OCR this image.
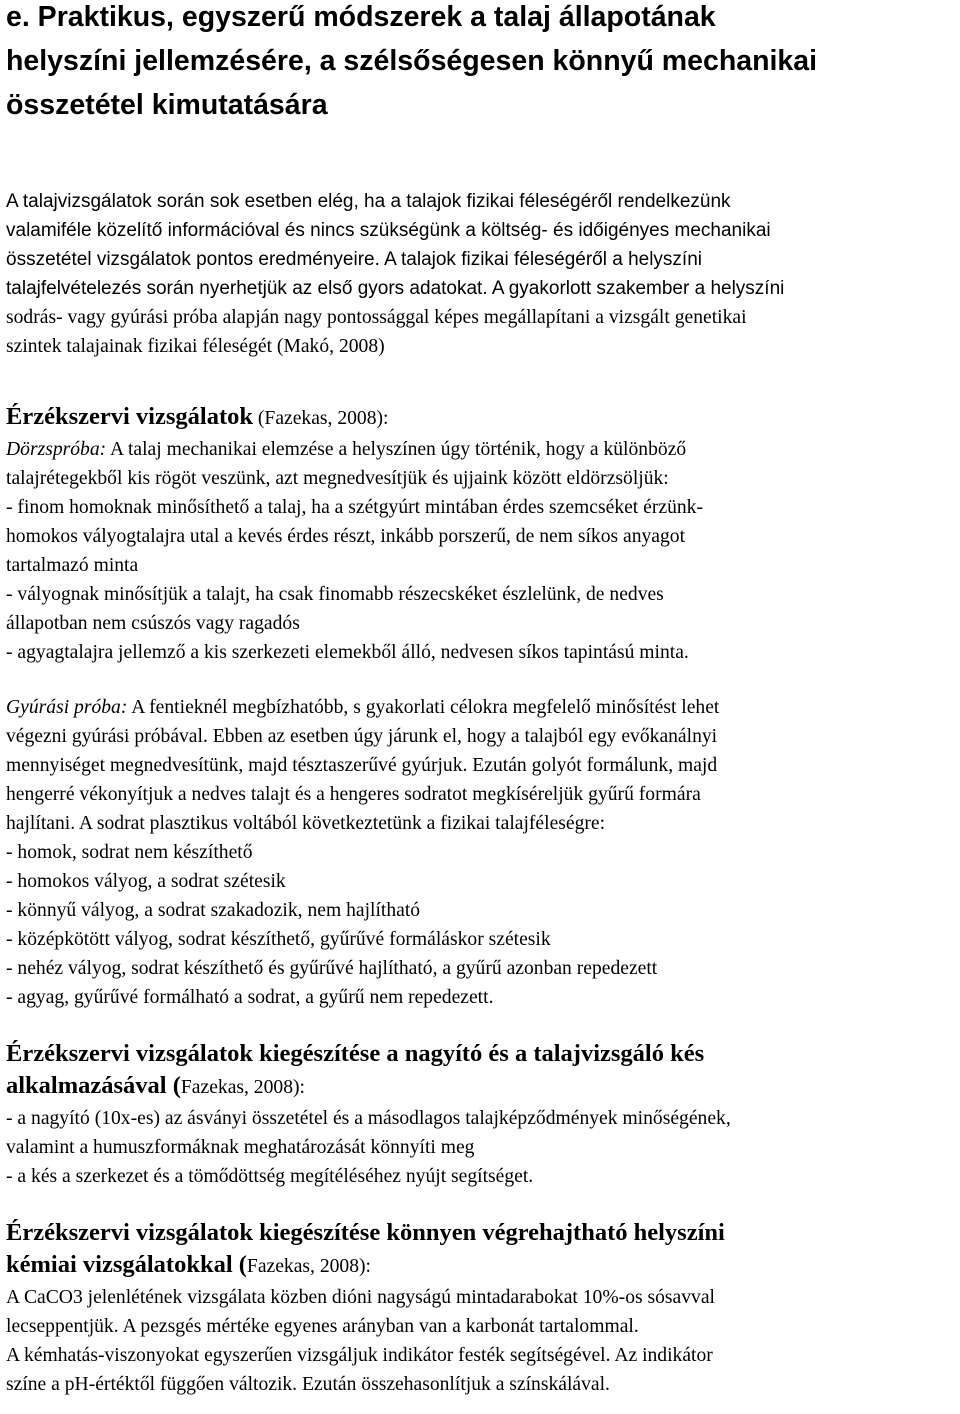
e. Praktikus, egyszerű módszerek a talaj állapotának
helyszíni jellemzésére, a szélsőségesen könnyű mechanikai
összetétel kimutatására
A talajvizsgálatok során sok esetben elég, ha a talajok fizikai féleségéről rendelkezünk
valamiféle közelítő információval és nincs szükségünk a költség- és időigényes mechanikai
összetétel vizsgálatok pontos eredményeire. A talajok fizikai féleségéről a helyszíni
talajfelvételezés során nyerhetjük az első gyors adatokat. A gyakorlott szakember a helyszíni
sodrás- vagy gyúrási próba alapján nagy pontossággal képes megállapítani a vizsgált genetikai
szintek talajainak fizikai féleségét (Makó, 2008)
Érzékszervi vizsgálatok (Fazekas, 2008):
Dörzspróba: A talaj mechanikai elemzése a helyszínen úgy történik, hogy a különböző
talajrétegekből kis rögöt veszünk, azt megnedvesítjük és ujjaink között eldörzsöljük:
- finom homoknak minősíthető a talaj, ha a szétgyúrt mintában érdes szemcséket érzünk-
homokos vályogtalajra utal a kevés érdes részt, inkább porszerű, de nem síkos anyagot
tartalmazó minta
- vályognak minősítjük a talajt, ha csak finomabb részecskéket észlelünk, de nedves
állapotban nem csúszós vagy ragadós
- agyagtalajra jellemző a kis szerkezeti elemekből álló, nedvesen síkos tapintású minta.
Gyúrási próba: A fentieknél megbízhatóbb, s gyakorlati célokra megfelelő minősítést lehet
végezni gyúrási próbával. Ebben az esetben úgy járunk el, hogy a talajból egy evőkanálnyi
mennyiséget megnedvesítünk, majd tésztaszerűvé gyúrjuk. Ezután golyót formálunk, majd
hengerré vékonyítjuk a nedves talajt és a hengeres sodratot megkíséreljük gyűrű formára
hajlítani. A sodrat plasztikus voltából következtetünk a fizikai talajféleségre:
- homok, sodrat nem készíthető
- homokos vályog, a sodrat szétesik
- könnyű vályog, a sodrat szakadozik, nem hajlítható
- középkötött vályog, sodrat készíthető, gyűrűvé formáláskor szétesik
- nehéz vályog, sodrat készíthető és gyűrűvé hajlítható, a gyűrű azonban repedezett
- agyag, gyűrűvé formálható a sodrat, a gyűrű nem repedezett.
Érzékszervi vizsgálatok kiegészítése a nagyító és a talajvizsgáló kés
alkalmazásával (Fazekas, 2008):
- a nagyító (10x-es) az ásványi összetétel és a másodlagos talajképződmények minőségének,
valamint a humuszformáknak meghatározását könnyíti meg
- a kés a szerkezet és a tömődöttség megítéléséhez nyújt segítséget.
Érzékszervi vizsgálatok kiegészítése könnyen végrehajtható helyszíni
kémiai vizsgálatokkal (Fazekas, 2008):
A CaCO3 jelenlétének vizsgálata közben dióni nagyságú mintadarabokat 10%-os sósavval
lecseppentjük. A pezsgés mértéke egyenes arányban van a karbonát tartalommal.
A kémhatás-viszonyokat egyszerűen vizsgáljuk indikátor festék segítségével. Az indikátor
színe a pH-értéktől függően változik. Ezután összehasonlítjuk a színskálával.
